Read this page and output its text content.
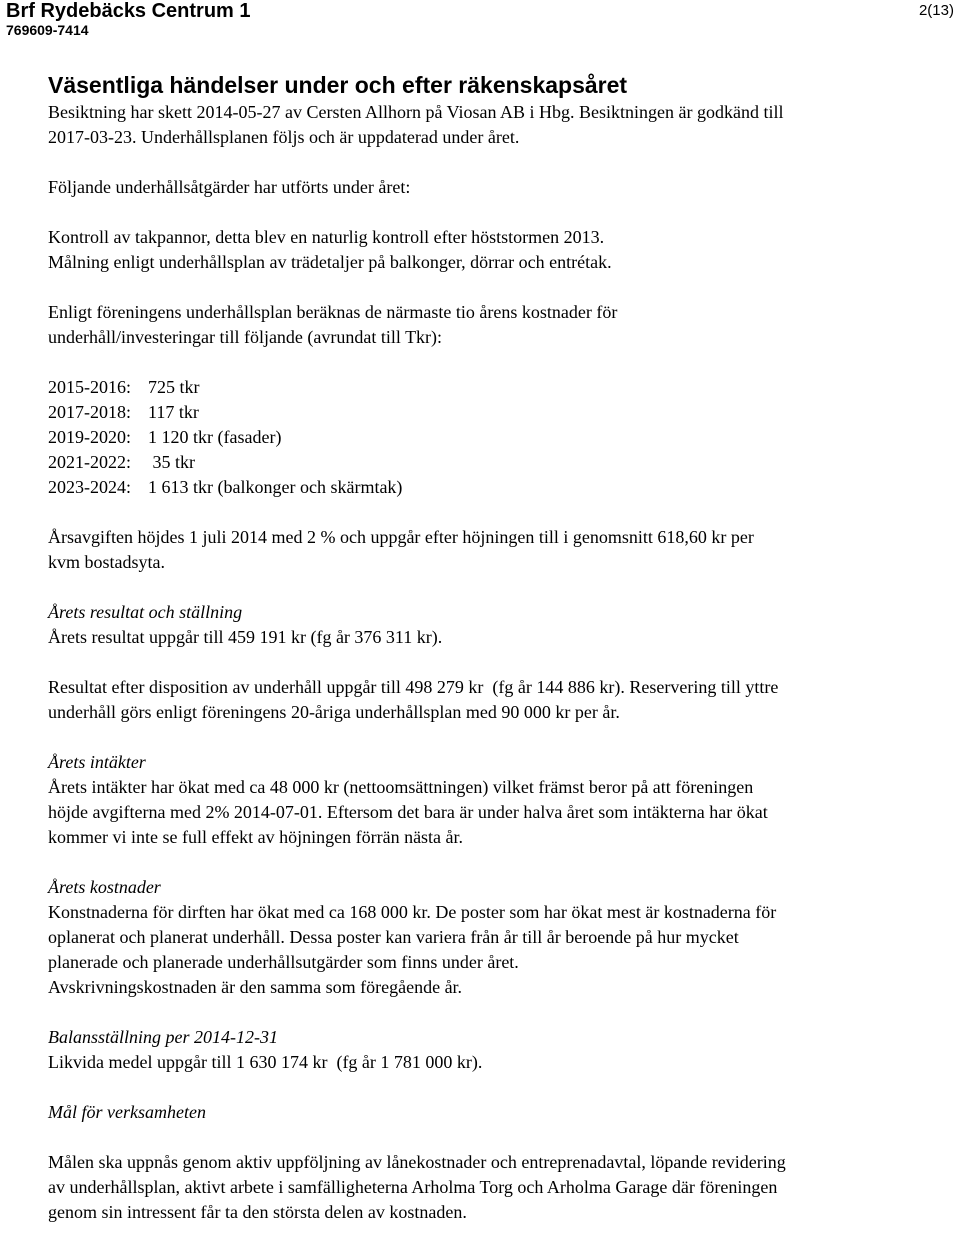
Brf Rydebäcks Centrum 1
769609-7414
2(13)
Väsentliga händelser under och efter räkenskapsåret

Besiktning har skett 2014-05-27 av Cersten Allhorn på Viosan AB i Hbg. Besiktningen är godkänd till
2017-03-23. Underhållsplanen följs och är uppdaterad under året.

Följande underhållsåtgärder har utförts under året:

Kontroll av takpannor, detta blev en naturlig kontroll efter höststormen 2013.
Målning enligt underhållsplan av trädetaljer på balkonger, dörrar och entrétak.

Enligt föreningens underhållsplan beräknas de närmaste tio årens kostnader för
underhåll/investeringar till följande (avrundat till Tkr):

2015-2016:	725 tkr
2017-2018:	117 tkr
2019-2020:	1 120 tkr (fasader)
2021-2022:	35 tkr
2023-2024:	1 613 tkr (balkonger och skärmtak)

Årsavgiften höjdes 1 juli 2014 med 2 % och uppgår efter höjningen till i genomsnitt 618,60 kr per
kvm bostadsyta.

Årets resultat och ställning

Årets resultat uppgår till 459 191 kr (fg år 376 311 kr).

Resultat efter disposition av underhåll uppgår till 498 279 kr  (fg år 144 886 kr). Reservering till yttre
underhåll görs enligt föreningens 20-åriga underhållsplan med 90 000 kr per år.

Årets intäkter

Årets intäkter har ökat med ca 48 000 kr (nettoomsättningen) vilket främst beror på att föreningen
höjde avgifterna med 2% 2014-07-01. Eftersom det bara är under halva året som intäkterna har ökat
kommer vi inte se full effekt av höjningen förrän nästa år.

Årets kostnader

Konstnaderna för dirften har ökat med ca 168 000 kr. De poster som har ökat mest är kostnaderna för
oplanerat och planerat underhåll. Dessa poster kan variera från år till år beroende på hur mycket
planerade och planerade underhållsutgärder som finns under året.
Avskrivningskostnaden är den samma som föregående år.

Balansställning per 2014-12-31

Likvida medel uppgår till 1 630 174 kr  (fg år 1 781 000 kr).

Mål för verksamheten

Målen ska uppnås genom aktiv uppföljning av lånekostnader och entreprenadavtal, löpande revidering
av underhållsplan, aktivt arbete i samfälligheterna Arholma Torg och Arholma Garage där föreningen
genom sin intressent får ta den största delen av kostnaden.
